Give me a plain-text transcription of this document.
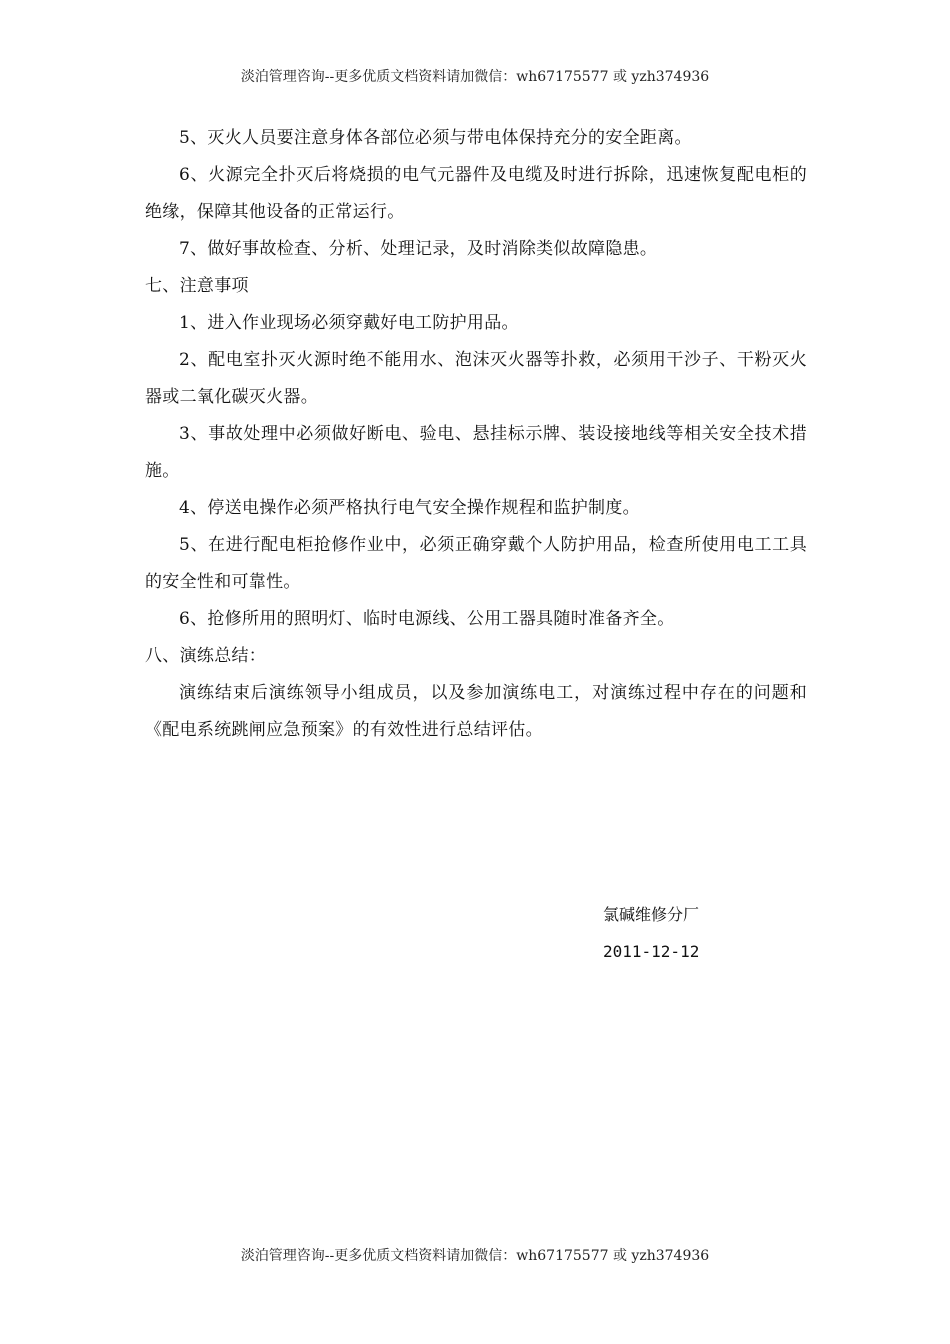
淡泊管理咨询--更多优质文档资料请加微信：wh67175577 或 yzh374936

5、灭火人员要注意身体各部位必须与带电体保持充分的安全距离。

6、火源完全扑灭后将烧损的电气元器件及电缆及时进行拆除，迅速恢复配电柜的绝缘，保障其他设备的正常运行。

7、做好事故检查、分析、处理记录，及时消除类似故障隐患。

七、注意事项

1、进入作业现场必须穿戴好电工防护用品。

2、配电室扑灭火源时绝不能用水、泡沫灭火器等扑救，必须用干沙子、干粉灭火器或二氧化碳灭火器。

3、事故处理中必须做好断电、验电、悬挂标示牌、装设接地线等相关安全技术措施。

4、停送电操作必须严格执行电气安全操作规程和监护制度。

5、在进行配电柜抢修作业中，必须正确穿戴个人防护用品，检查所使用电工工具的安全性和可靠性。

6、抢修所用的照明灯、临时电源线、公用工器具随时准备齐全。

八、演练总结：

演练结束后演练领导小组成员，以及参加演练电工，对演练过程中存在的问题和《配电系统跳闸应急预案》的有效性进行总结评估。

氯碱维修分厂
2011-12-12
淡泊管理咨询--更多优质文档资料请加微信：wh67175577 或 yzh374936
